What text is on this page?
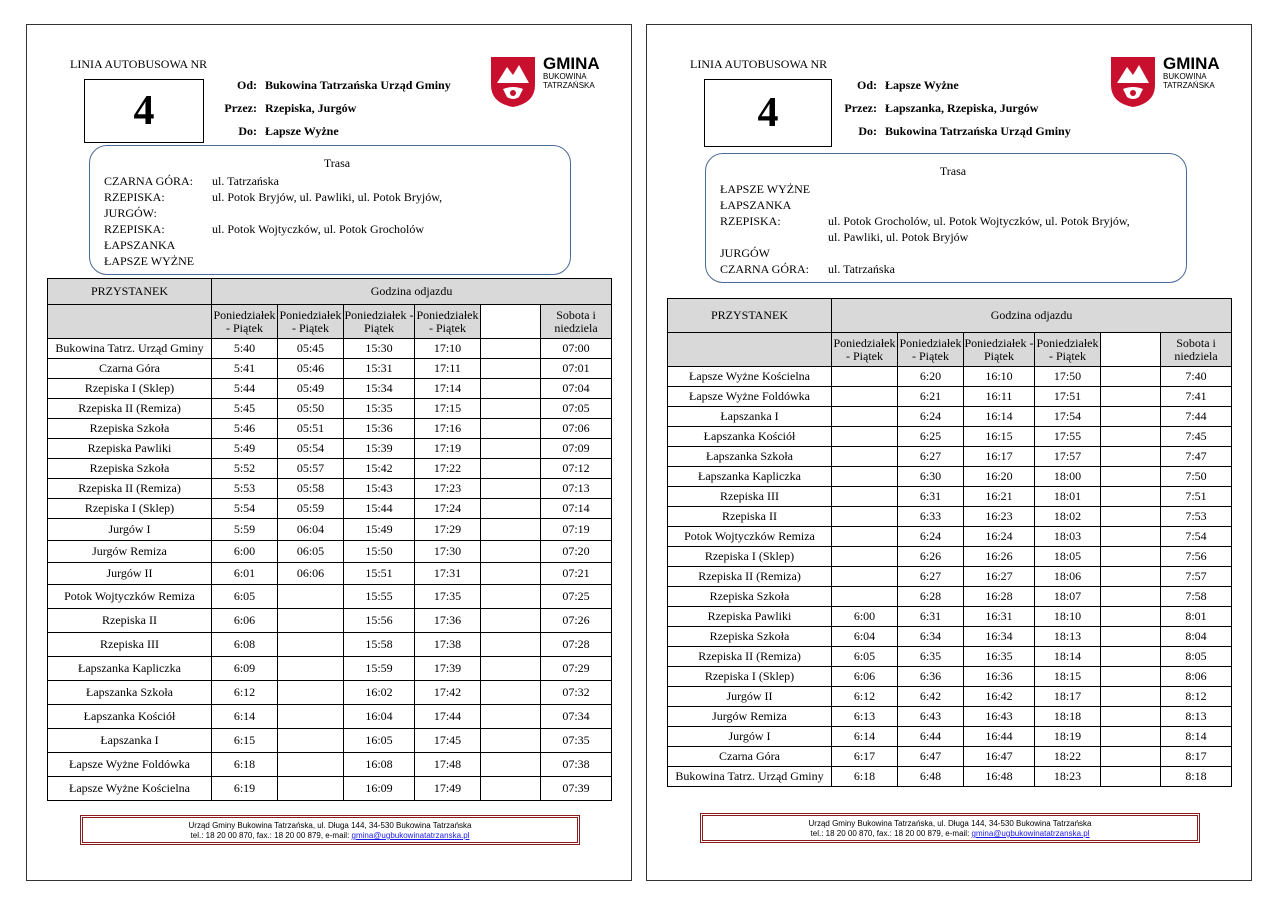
LINIA AUTOBUSOWA NR
4
Od: Bukowina Tatrzańska Urząd Gminy
Przez: Rzepiska, Jurgów
Do: Łapsze Wyżne
GMINA
BUKOWINA
TATRZAŃSKA
Trasa
CZARNA GÓRA:	ul. Tatrzańska
RZEPISKA:	ul. Potok Bryjów, ul. Pawliki, ul. Potok Bryjów,
JURGÓW:
RZEPISKA:	ul. Potok Wojtyczków, ul. Potok Grocholów
ŁAPSZANKA
ŁAPSZE WYŻNE
PRZYSTANEK	Godzina odjazdu					
	Poniedziałek - Piątek	Poniedziałek - Piątek	Poniedziałek - Piątek	Poniedziałek - Piątek		Sobota i niedziela
Bukowina Tatrz. Urząd Gminy	5:40	05:45	15:30	17:10		07:00
Czarna Góra	5:41	05:46	15:31	17:11		07:01
Rzepiska I (Sklep)	5:44	05:49	15:34	17:14		07:04
Rzepiska II (Remiza)	5:45	05:50	15:35	17:15		07:05
Rzepiska Szkoła	5:46	05:51	15:36	17:16		07:06
Rzepiska Pawliki	5:49	05:54	15:39	17:19		07:09
Rzepiska Szkoła	5:52	05:57	15:42	17:22		07:12
Rzepiska II (Remiza)	5:53	05:58	15:43	17:23		07:13
Rzepiska I (Sklep)	5:54	05:59	15:44	17:24		07:14
Jurgów I	5:59	06:04	15:49	17:29		07:19
Jurgów Remiza	6:00	06:05	15:50	17:30		07:20
Jurgów II	6:01	06:06	15:51	17:31		07:21
Potok Wojtyczków Remiza	6:05		15:55	17:35		07:25
Rzepiska II	6:06		15:56	17:36		07:26
Rzepiska III	6:08		15:58	17:38		07:28
Łapszanka Kapliczka	6:09		15:59	17:39		07:29
Łapszanka Szkoła	6:12		16:02	17:42		07:32
Łapszanka Kościół	6:14		16:04	17:44		07:34
Łapszanka I	6:15		16:05	17:45		07:35
Łapsze Wyżne Foldówka	6:18		16:08	17:48		07:38
Łapsze Wyżne Kościelna	6:19		16:09	17:49		07:39
Urząd Gminy Bukowina Tatrzańska, ul. Długa 144, 34-530 Bukowina Tatrzańska
tel.: 18 20 00 870, fax.: 18 20 00 879, e-mail: gmina@ugbukowinatatrzanska.pl
LINIA AUTOBUSOWA NR
4
Od: Łapsze Wyżne
Przez: Łapszanka, Rzepiska, Jurgów
Do: Bukowina Tatrzańska Urząd Gminy
GMINA
BUKOWINA
TATRZAŃSKA
Trasa
ŁAPSZE WYŻNE
ŁAPSZANKA
RZEPISKA:	ul. Potok Grocholów, ul. Potok Wojtyczków, ul. Potok Bryjów,
ul. Pawliki, ul. Potok Bryjów
JURGÓW
CZARNA GÓRA:	ul. Tatrzańska
PRZYSTANEK	Godzina odjazdu					
	Poniedziałek - Piątek	Poniedziałek - Piątek	Poniedziałek - Piątek	Poniedziałek - Piątek		Sobota i niedziela
Łapsze Wyżne Kościelna		6:20	16:10	17:50		7:40
Łapsze Wyżne Foldówka		6:21	16:11	17:51		7:41
Łapszanka I		6:24	16:14	17:54		7:44
Łapszanka Kościół		6:25	16:15	17:55		7:45
Łapszanka Szkoła		6:27	16:17	17:57		7:47
Łapszanka Kapliczka		6:30	16:20	18:00		7:50
Rzepiska III		6:31	16:21	18:01		7:51
Rzepiska II		6:33	16:23	18:02		7:53
Potok Wojtyczków Remiza		6:24	16:24	18:03		7:54
Rzepiska I (Sklep)		6:26	16:26	18:05		7:56
Rzepiska II (Remiza)		6:27	16:27	18:06		7:57
Rzepiska Szkoła		6:28	16:28	18:07		7:58
Rzepiska Pawliki	6:00	6:31	16:31	18:10		8:01
Rzepiska Szkoła	6:04	6:34	16:34	18:13		8:04
Rzepiska II (Remiza)	6:05	6:35	16:35	18:14		8:05
Rzepiska I (Sklep)	6:06	6:36	16:36	18:15		8:06
Jurgów II	6:12	6:42	16:42	18:17		8:12
Jurgów Remiza	6:13	6:43	16:43	18:18		8:13
Jurgów I	6:14	6:44	16:44	18:19		8:14
Czarna Góra	6:17	6:47	16:47	18:22		8:17
Bukowina Tatrz. Urząd Gminy	6:18	6:48	16:48	18:23		8:18
Urząd Gminy Bukowina Tatrzańska, ul. Długa 144, 34-530 Bukowina Tatrzańska
tel.: 18 20 00 870, fax.: 18 20 00 879, e-mail: gmina@ugbukowinatatrzanska.pl
